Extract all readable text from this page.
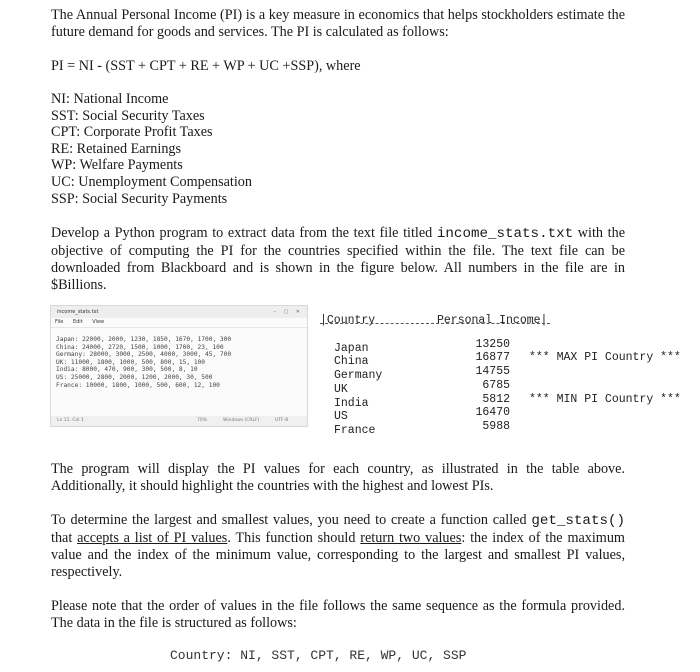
The Annual Personal Income (PI) is a key measure in economics that helps stockholders estimate the future demand for goods and services. The PI is calculated as follows:

PI = NI - (SST + CPT + RE + WP + UC +SSP), where
NI: National Income
SST: Social Security Taxes
CPT: Corporate Profit Taxes
RE: Retained Earnings
WP: Welfare Payments
UC: Unemployment Compensation
SSP: Social Security Payments

Develop a Python program to extract data from the text file titled income_stats.txt with the objective of computing the PI for the countries specified within the file. The text file can be downloaded from Blackboard and is shown in the figure below. All numbers in the file are in $Billions.

income_stats.txt	– ▢ ✕
File Edit View
Japan: 22000, 2000, 1230, 1850, 1670, 1700, 300
China: 24000, 2720, 1500, 1000, 1700, 23, 100
Germany: 28000, 3000, 2500, 4000, 3000, 45, 700
UK: 11000, 1800, 1000, 500, 800, 15, 100
India: 8000, 470, 900, 300, 500, 8, 10
US: 25000, 2800, 2000, 1200, 2000, 30, 500
France: 10000, 1800, 1000, 500, 600, 12, 100
Ln 11, Col 1	70%	Windows (CRLF)	UTF-8
|Country	Personal Income|
Japan	13250
China	16877 *** MAX PI Country ***
Germany	14755
UK	6785
India	5812 *** MIN PI Country ***
US	16470
France	5988

The program will display the PI values for each country, as illustrated in the table above. Additionally, it should highlight the countries with the highest and lowest PIs.

To determine the largest and smallest values, you need to create a function called get_stats() that accepts a list of PI values. This function should return two values: the index of the maximum value and the index of the minimum value, corresponding to the largest and smallest PI values, respectively.

Please note that the order of values in the file follows the same sequence as the formula provided. The data in the file is structured as follows:

Country: NI, SST, CPT, RE, WP, UC, SSP
